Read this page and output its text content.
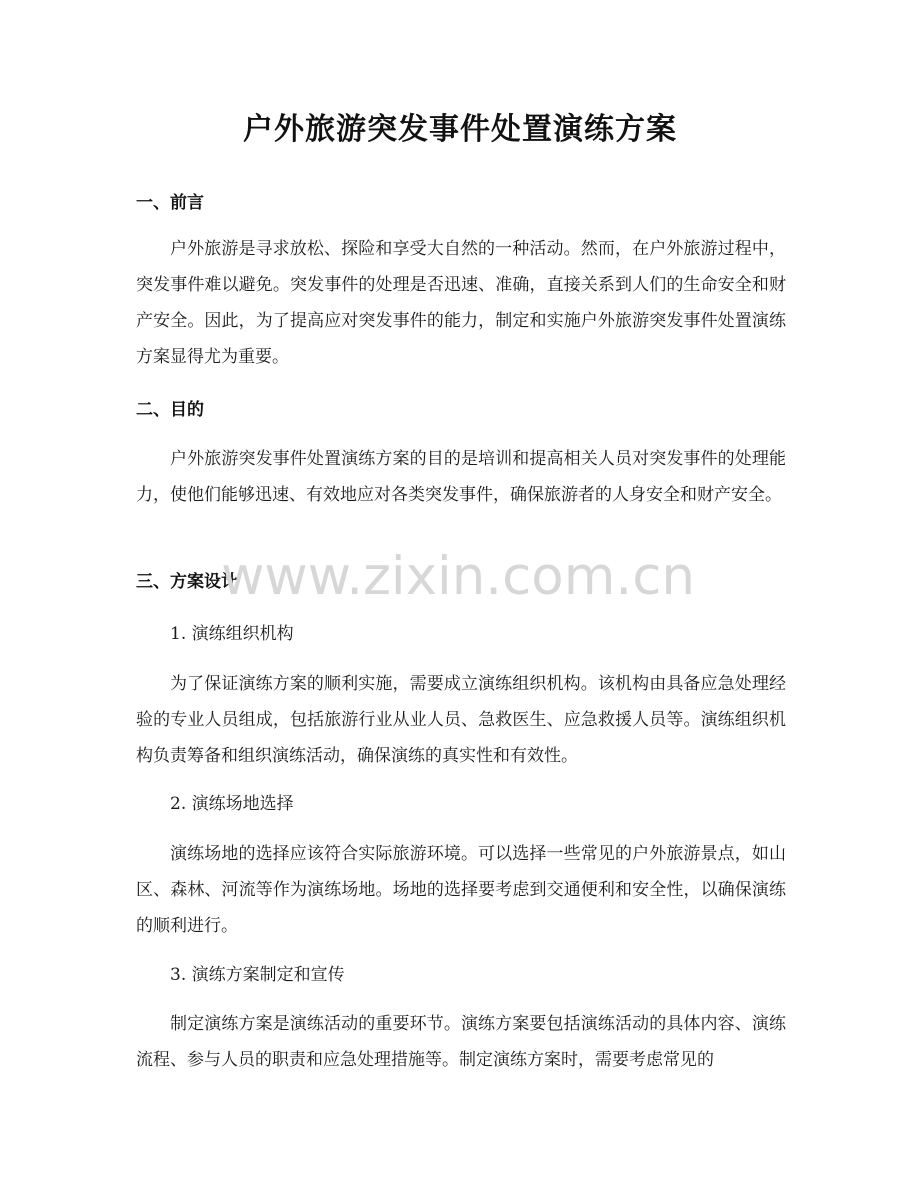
户外旅游突发事件处置演练方案
一、前言

户外旅游是寻求放松、探险和享受大自然的一种活动。然而，在户外旅游过程中，突发事件难以避免。突发事件的处理是否迅速、准确，直接关系到人们的生命安全和财产安全。因此，为了提高应对突发事件的能力，制定和实施户外旅游突发事件处置演练方案显得尤为重要。

二、目的

户外旅游突发事件处置演练方案的目的是培训和提高相关人员对突发事件的处理能力，使他们能够迅速、有效地应对各类突发事件，确保旅游者的人身安全和财产安全。

三、方案设计
1. 演练组织机构

为了保证演练方案的顺利实施，需要成立演练组织机构。该机构由具备应急处理经验的专业人员组成，包括旅游行业从业人员、急救医生、应急救援人员等。演练组织机构负责筹备和组织演练活动，确保演练的真实性和有效性。

2. 演练场地选择

演练场地的选择应该符合实际旅游环境。可以选择一些常见的户外旅游景点，如山区、森林、河流等作为演练场地。场地的选择要考虑到交通便利和安全性，以确保演练的顺利进行。

3. 演练方案制定和宣传

制定演练方案是演练活动的重要环节。演练方案要包括演练活动的具体内容、演练流程、参与人员的职责和应急处理措施等。制定演练方案时，需要考虑常见的

www.zixin.com.cn
